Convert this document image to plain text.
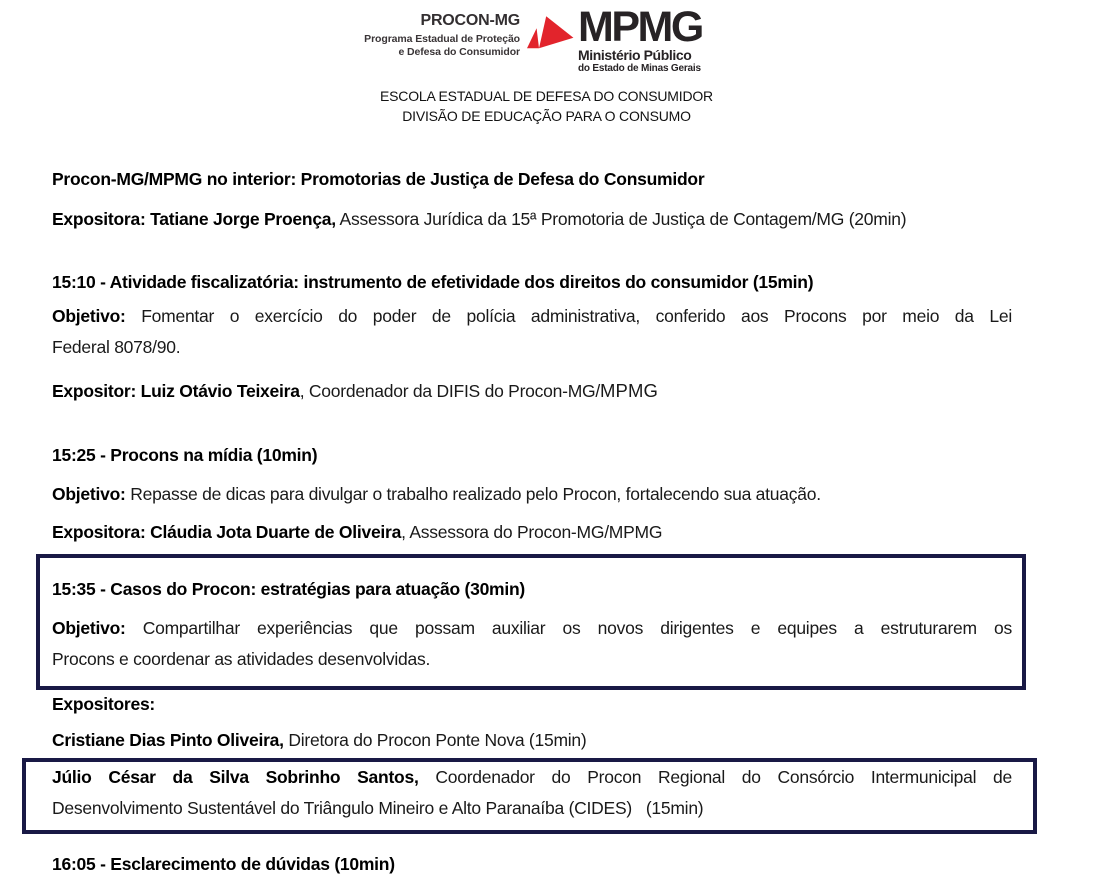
PROCON-MG
Programa Estadual de Proteção
e Defesa do Consumidor
MPMG
Ministério Público
do Estado de Minas Gerais
ESCOLA ESTADUAL DE DEFESA DO CONSUMIDOR
DIVISÃO DE EDUCAÇÃO PARA O CONSUMO
Procon-MG/MPMG no interior: Promotorias de Justiça de Defesa do Consumidor
Expositora: Tatiane Jorge Proença, Assessora Jurídica da 15ª Promotoria de Justiça de Contagem/MG (20min)
15:10 - Atividade fiscalizatória: instrumento de efetividade dos direitos do consumidor (15min)
Objetivo: Fomentar o exercício do poder de polícia administrativa, conferido aos Procons por meio da Lei
Federal 8078/90.
Expositor: Luiz Otávio Teixeira, Coordenador da DIFIS do Procon-MG/MPMG
15:25 - Procons na mídia (10min)
Objetivo: Repasse de dicas para divulgar o trabalho realizado pelo Procon, fortalecendo sua atuação.
Expositora: Cláudia Jota Duarte de Oliveira, Assessora do Procon-MG/MPMG
15:35 - Casos do Procon: estratégias para atuação (30min)
Objetivo: Compartilhar experiências que possam auxiliar os novos dirigentes e equipes a estruturarem os
Procons e coordenar as atividades desenvolvidas.
Expositores:
Cristiane Dias Pinto Oliveira, Diretora do Procon Ponte Nova (15min)
Júlio César da Silva Sobrinho Santos, Coordenador do Procon Regional do Consórcio Intermunicipal de
Desenvolvimento Sustentável do Triângulo Mineiro e Alto Paranaíba (CIDES)   (15min)
16:05 - Esclarecimento de dúvidas (10min)
